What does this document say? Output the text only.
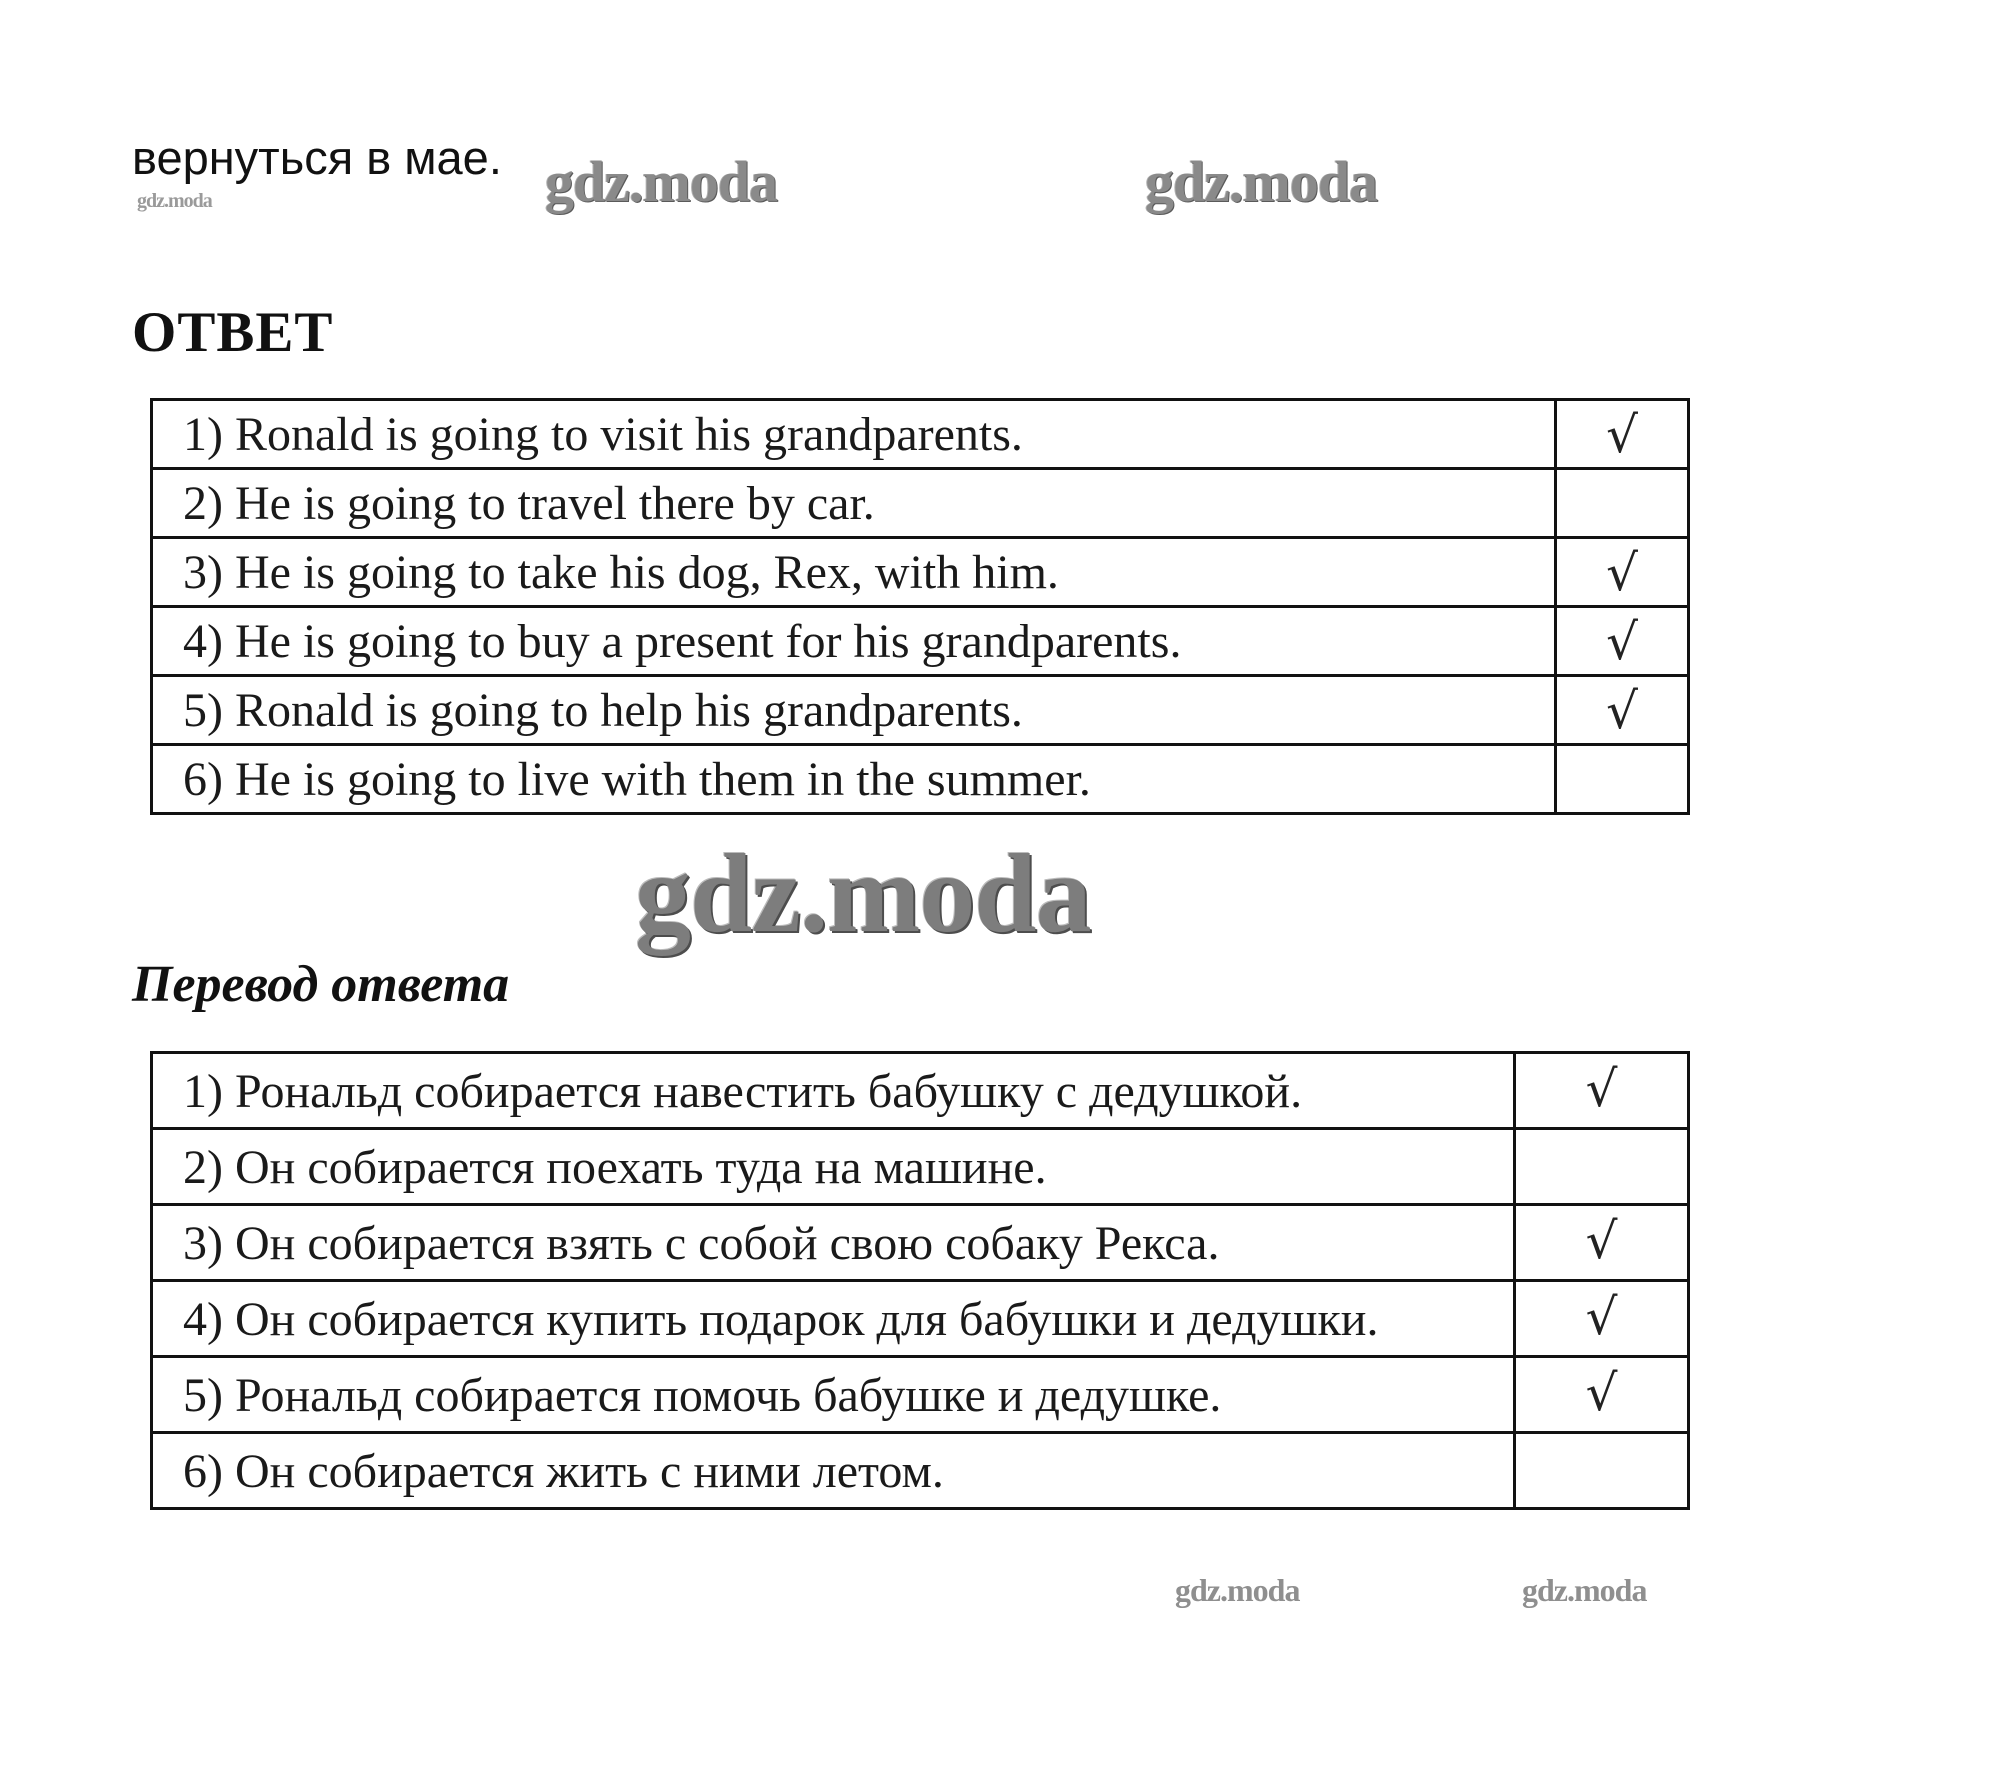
вернуться в мае.
gdz.moda	gdz.moda	gdz.moda
ОТВЕТ
1) Ronald is going to visit his grandparents.	√
2) He is going to travel there by car.	
3) He is going to take his dog, Rex, with him.	√
4) He is going to buy a present for his grandparents.	√
5) Ronald is going to help his grandparents.	√
6) He is going to live with them in the summer.	
gdz.moda
Перевод ответа
1) Рональд собирается навестить бабушку с дедушкой.	√
2) Он собирается поехать туда на машине.	
3) Он собирается взять с собой свою собаку Рекса.	√
4) Он собирается купить подарок для бабушки и дедушки.	√
5) Рональд собирается помочь бабушке и дедушке.	√
6) Он собирается жить с ними летом.	
gdz.moda	gdz.moda
